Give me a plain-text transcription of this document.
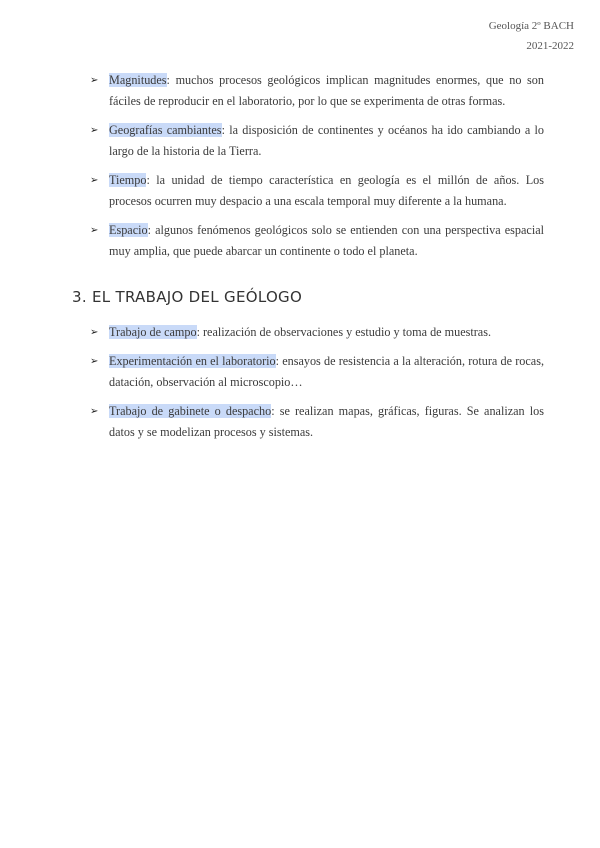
Geología 2º BACH
2021-2022
➢ Magnitudes: muchos procesos geológicos implican magnitudes enormes, que no son fáciles de reproducir en el laboratorio, por lo que se experimenta de otras formas.
➢ Geografías cambiantes: la disposición de continentes y océanos ha ido cambiando a lo largo de la historia de la Tierra.
➢ Tiempo: la unidad de tiempo característica en geología es el millón de años. Los procesos ocurren muy despacio a una escala temporal muy diferente a la humana.
➢ Espacio: algunos fenómenos geológicos solo se entienden con una perspectiva espacial muy amplia, que puede abarcar un continente o todo el planeta.
3. EL TRABAJO DEL GEÓLOGO
➢ Trabajo de campo: realización de observaciones y estudio y toma de muestras.
➢ Experimentación en el laboratorio: ensayos de resistencia a la alteración, rotura de rocas, datación, observación al microscopio…
➢ Trabajo de gabinete o despacho: se realizan mapas, gráficas, figuras. Se analizan los datos y se modelizan procesos y sistemas.
